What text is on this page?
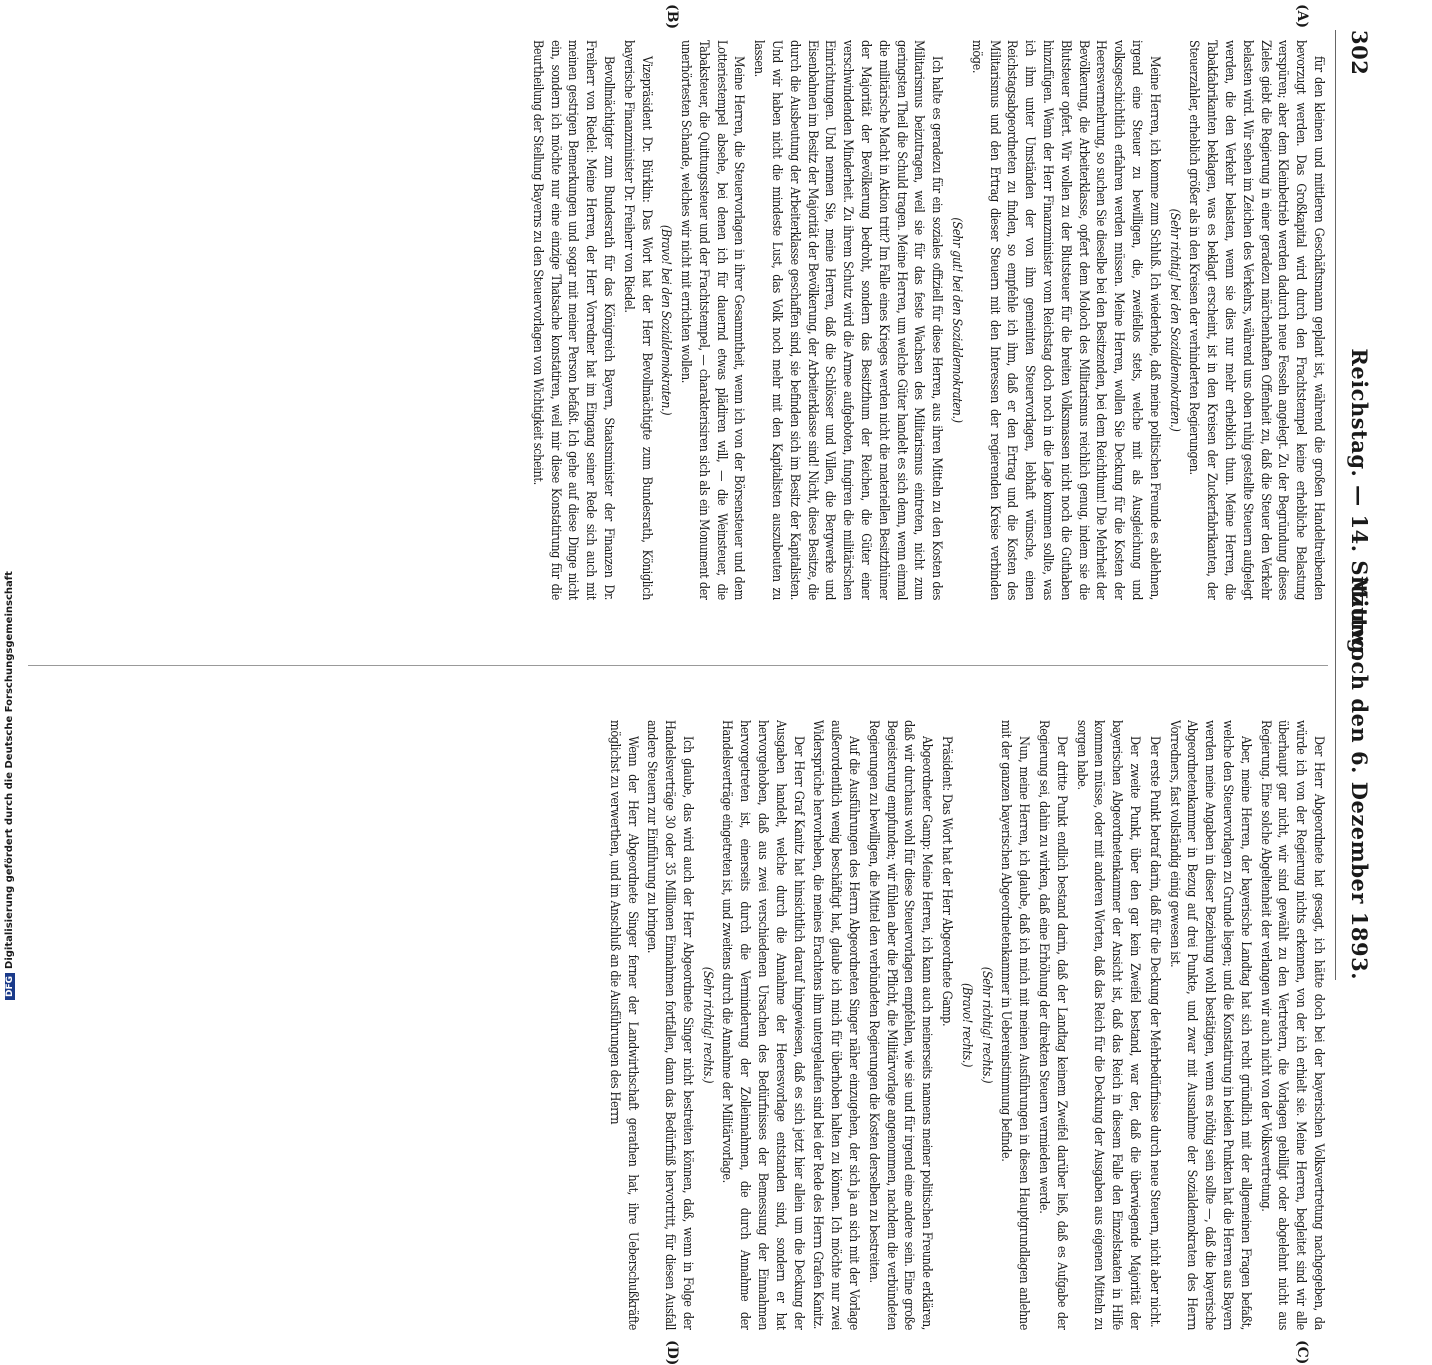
302
Reichstag. — 14. Sitzung.
Mittwoch den 6. Dezember 1893.
(A)
(B)
(C)
(D)

für den kleinen und mittleren Geschäftsmann geplant ist, während die großen Handeltreibenden bevorzugt werden. Das Großkapital wird durch den Frachtstempel keine erhebliche Belastung verspüren; aber dem Kleinbetrieb werden dadurch neue Fesseln angelegt. Zu der Begründung dieses Zieles giebt die Regierung in einer geradezu märchenhaften Offenheit zu, daß die Steuer den Verkehr belasten wird. Wir sehen im Zeichen des Verkehrs, während uns oben ruhig gestellte Steuern aufgelegt werden, die den Verkehr belasten, wenn sie dies nur mehr erheblich thun. Meine Herren, die Tabakfabrikanten beklagen, was es beklagt erscheint, ist in den Kreisen der Zuckerfabrikanten, der Steuerzahler, erheblich größer als in den Kreisen der verhinderten Regierungen.

(Sehr richtig! bei den Sozialdemokraten.)

Meine Herren, ich komme zum Schluß. Ich wiederhole, daß meine politischen Freunde es ablehnen, irgend eine Steuer zu bewilligen, die, zweifellos stets, welche mit als Ausgleichung und volksgeschichtlich erfahren werden müssen. Meine Herren, wollen Sie Deckung für die Kosten der Heeresvermehrung, so suchen Sie dieselbe bei den Besitzenden, bei dem Reichthum! Die Mehrheit der Bevölkerung, die Arbeiterklasse, opfert dem Moloch des Militarismus reichlich genug, indem sie die Blutsteuer opfert. Wir wollen zu der Blutsteuer für die breiten Volksmassen nicht noch die Guthaben hinzufügen. Wenn der Herr Finanzminister vom Reichstag doch noch in die Lage kommen sollte, was ich ihm unter Umständen der von ihm gemeinten Steuervorlagen, lebhaft wünsche, einen Reichstagsabgeordneten zu finden, so empfehle ich ihm, daß er den Ertrag und die Kosten des Militarismus und den Ertrag dieser Steuern mit den Interessen der regierenden Kreise verbinden möge.

(Sehr gut! bei den Sozialdemokraten.)

Ich halte es geradezu für ein soziales offiziell für diese Herren, aus ihren Mitteln zu den Kosten des Militarismus beizutragen, weil sie für das feste Wachsen des Militarismus eintreten, nicht zum geringsten Theil die Schuld tragen. Meine Herren, um welche Güter handelt es sich denn, wenn einmal die militärische Macht in Aktion tritt? Im Falle eines Krieges werden nicht die materiellen Besitzthümer der Majorität der Bevölkerung bedroht, sondern das Besitzthum der Reichen, die Güter einer verschwindenden Minderheit. Zu ihrem Schutz wird die Armee aufgeboten, fungiren die militärischen Einrichtungen. Und nennen Sie, meine Herren, daß die Schlösser und Villen, die Bergwerke und Eisenbahnen im Besitz der Majorität der Bevölkerung, der Arbeiterklasse sind! Nicht, diese Besitze, die durch die Ausbeutung der Arbeiterklasse geschaffen sind, sie befinden sich im Besitz der Kapitalisten. Und wir haben nicht die mindeste Lust, das Volk noch mehr mit den Kapitalisten auszubeuten zu lassen.

Meine Herren, die Steuervorlagen in ihrer Gesammtheit, wenn ich von der Börsensteuer und dem Lotteriestempel absehe, bei denen ich für dauernd etwas plädiren will, — die Weinsteuer, die Tabaksteuer, die Quittungssteuer und der Frachtstempel, — charakterisiren sich als ein Monument der unerhörtesten Schande, welches wir nicht mit errichten wollen.

(Bravo! bei den Sozialdemokraten.)

Vizepräsident Dr. Bürklin: Das Wort hat der Herr Bevollmächtigte zum Bundesrath, Königlich bayerische Finanzminister Dr. Freiherr von Riedel.

Bevollmächtigter zum Bundesrath für das Königreich Bayern, Staatsminister der Finanzen Dr. Freiherr von Riedel: Meine Herren, der Herr Vorredner hat im Eingang seiner Rede sich auch mit meinen gestrigen Bemerkungen und sogar mit meiner Person befaßt. Ich gehe auf diese Dinge nicht ein, sondern ich möchte nur eine einzige Thatsache konstatiren, weil mir diese Konstatirung für die Beurtheilung der Stellung Bayerns zu den Steuervorlagen von Wichtigkeit scheint.

Der Herr Abgeordnete hat gesagt, ich hätte doch bei der bayerischen Volksvertretung nachgegeben, da würde ich von der Regierung nichts erkennen, von der ich erhielt sie. Meine Herren, begleitet sind wir alle überhaupt gar nicht, wir sind gewählt zu den Vertretern, die Vorlagen gebilligt oder abgelehnt nicht aus Regierung. Eine solche Abgeltenheit der verlangen wir auch nicht von der Volksvertretung.

Aber, meine Herren, der bayerische Landtag hat sich recht gründlich mit der allgemeinen Fragen befaßt, welche den Steuervorlagen zu Grunde liegen; und die Konstatirung in beiden Punkten hat die Herren aus Bayern werden meine Angaben in dieser Beziehung wohl bestätigen, wenn es nöthig sein sollte —, daß die bayerische Abgeordnetenkammer in Bezug auf drei Punkte, und zwar mit Ausnahme der Sozialdemokraten des Herrn Vorredners, fast vollständig einig gewesen ist.

Der erste Punkt betraf darin, daß für die Deckung der Mehrbedürfnisse durch neue Steuern, nicht aber nicht.

Der zweite Punkt, über den gar kein Zweifel bestand, war der, daß die überwiegende Majorität der bayerischen Abgeordnetenkammer der Ansicht ist, daß das Reich in diesem Falle den Einzelstaaten in Hilfe kommen müsse, oder mit anderen Worten, daß das Reich für die Deckung der Ausgaben aus eigenen Mitteln zu sorgen habe.

Der dritte Punkt endlich bestand darin, daß der Landtag keinem Zweifel darüber ließ, daß es Aufgabe der Regierung sei, dahin zu wirken, daß eine Erhöhung der direkten Steuern vermieden werde.

Nun, meine Herren, ich glaube, daß ich mich mit meinen Ausführungen in diesen Hauptgrundlagen anlehne mit der ganzen bayerischen Abgeordnetenkammer in Uebereinstimmung befinde.

(Sehr richtig! rechts.)

(Bravo! rechts.)

Präsident: Das Wort hat der Herr Abgeordnete Gamp.

Abgeordneter Gamp: Meine Herren, ich kann auch meinerseits namens meiner politischen Freunde erklären, daß wir durchaus wohl für diese Steuervorlagen empfehlen, wie sie und für irgend eine andere sein. Eine große Begeisterung empfunden; wir fühlen aber die Pflicht, die Militärvorlage angenommen, nachdem die verbündeten Regierungen zu bewilligen, die Mittel den verbündeten Regierungen die Kosten derselben zu bestreiten.

Auf die Ausführungen des Herrn Abgeordneten Singer näher einzugehen, der sich ja an sich mit der Vorlage außerordentlich wenig beschäftigt hat, glaube ich mich für überhoben halten zu können. Ich möchte nur zwei Widersprüche hervorheben, die meines Erachtens ihm untergelaufen sind bei der Rede des Herrn Grafen Kanitz.

Der Herr Graf Kanitz hat hinsichtlich darauf hingewiesen, daß es sich jetzt hier allein um die Deckung der Ausgaben handelt, welche durch die Annahme der Heeresvorlage entstanden sind, sondern er hat hervorgehoben, daß aus zwei verschiedenen Ursachen des Bedürfnisses der Bemessung der Einnahmen hervorgetreten ist, einerseits durch die Verminderung der Zolleinnahmen, die durch Annahme der Handelsverträge eingetreten ist, und zweitens durch die Annahme der Militärvorlage.

(Sehr richtig! rechts.)

Ich glaube, das wird auch der Herr Abgeordnete Singer nicht bestreiten können, daß, wenn in Folge der Handelsverträge 30 oder 35 Millionen Einnahmen fortfallen, dann das Bedürfniß hervortritt, für diesen Ausfall andere Steuern zur Einführung zu bringen.

Wenn der Herr Abgeordnete Singer ferner der Landwirthschaft gerathen hat, ihre Ueberschußkräfte möglichst zu verwerthen, und im Anschluß an die Ausführungen des Herrn

DFGDigitalisierung gefördert durch die Deutsche Forschungsgemeinschaft
